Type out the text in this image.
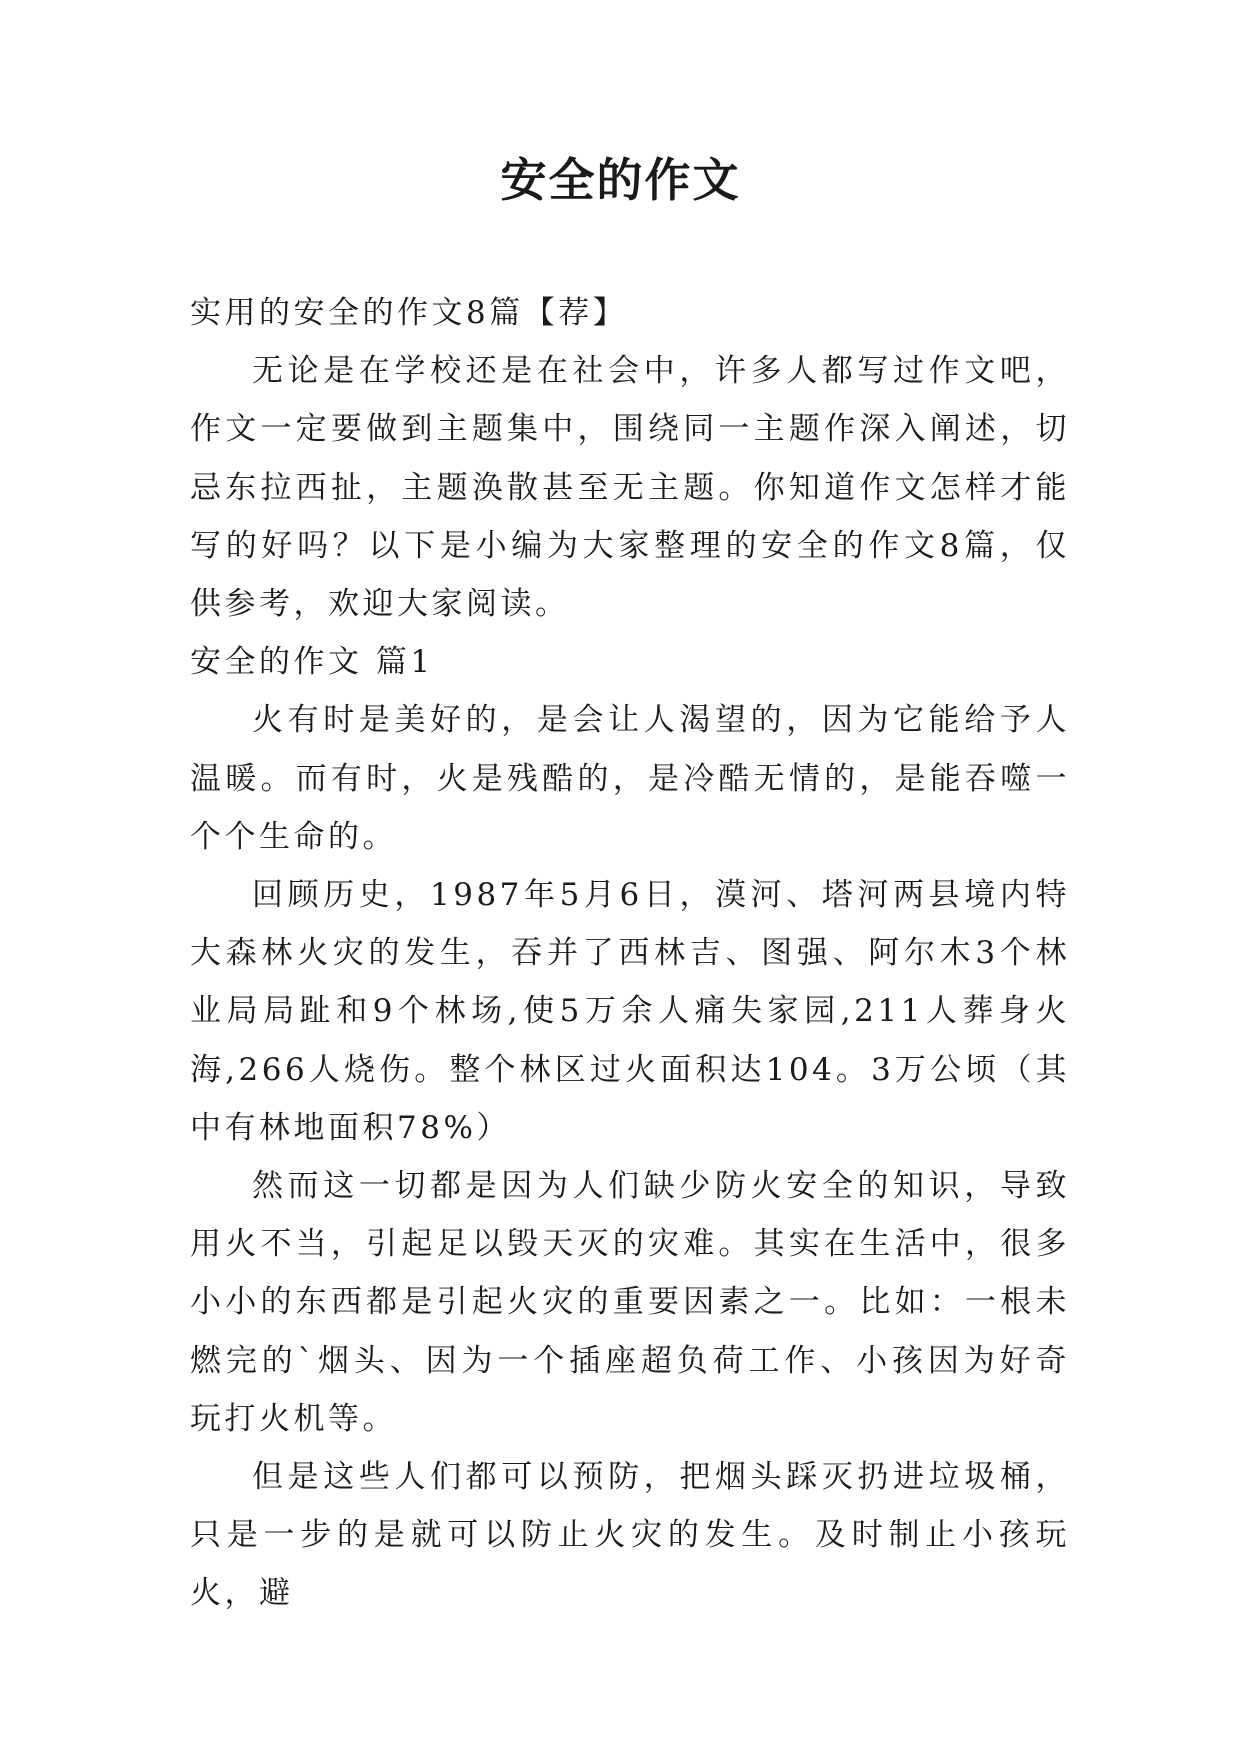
安全的作文

实用的安全的作文8篇【荐】

无论是在学校还是在社会中，许多人都写过作文吧，作文一定要做到主题集中，围绕同一主题作深入阐述，切忌东拉西扯，主题涣散甚至无主题。你知道作文怎样才能写的好吗？以下是小编为大家整理的安全的作文8篇，仅供参考，欢迎大家阅读。

安全的作文 篇1

火有时是美好的，是会让人渴望的，因为它能给予人温暖。而有时，火是残酷的，是冷酷无情的，是能吞噬一个个生命的。

回顾历史，1987年5月6日，漠河、塔河两县境内特大森林火灾的发生，吞并了西林吉、图强、阿尔木3个林业局局趾和9个林场,使5万余人痛失家园,211人葬身火海,266人烧伤。整个林区过火面积达104。3万公顷（其中有林地面积78%）

然而这一切都是因为人们缺少防火安全的知识，导致用火不当，引起足以毁天灭的灾难。其实在生活中，很多小小的东西都是引起火灾的重要因素之一。比如：一根未燃完的`烟头、因为一个插座超负荷工作、小孩因为好奇玩打火机等。

但是这些人们都可以预防，把烟头踩灭扔进垃圾桶，只是一步的是就可以防止火灾的发生。及时制止小孩玩火，避
